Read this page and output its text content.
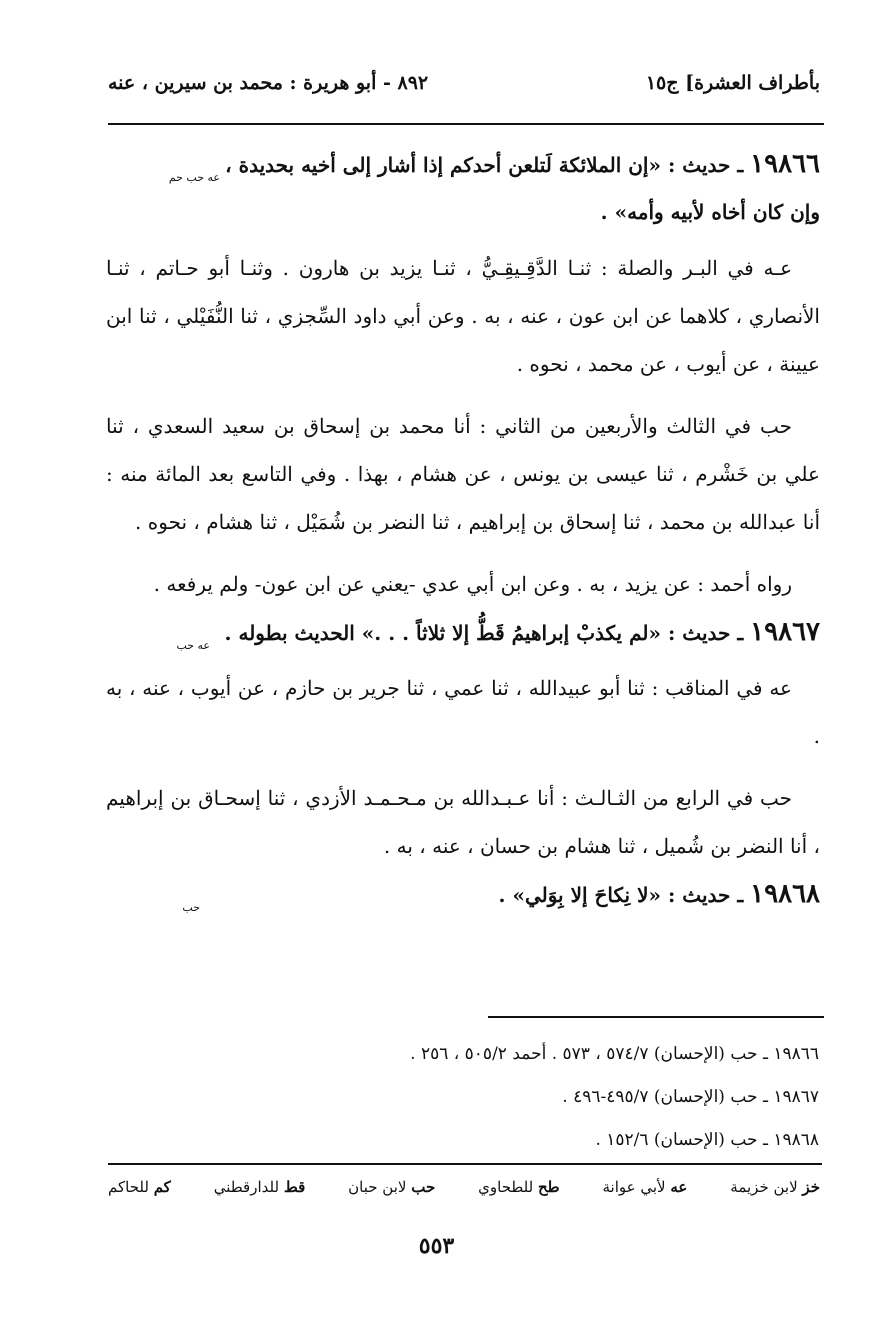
بأطراف العشرة] ج١٥
٨٩٢ - أبو هريرة : محمد بن سيرين ، عنه
١٩٨٦٦ ـ حديث : «إن الملائكة لَتلعن أحدكم إذا أشار إلى أخيه بحديدة ،
عه حب حم
وإن كان أخاه لأبيه وأمه» .

عـه في البـر والصلة : ثنـا الدَّقِـيقِـيُّ ، ثنـا يزيد بن هارون . وثنـا أبو حـاتم ، ثنـا الأنصاري ، كلاهما عن ابن عون ، عنه ، به . وعن أبي داود السِّجزي ، ثنا النُّفَيْلي ، ثنا ابن عيينة ، عن أيوب ، عن محمد ، نحوه .

حب في الثالث والأربعين من الثاني : أنا محمد بن إسحاق بن سعيد السعدي ، ثنا علي بن خَشْرم ، ثنا عيسى بن يونس ، عن هشام ، بهذا . وفي التاسع بعد المائة منه : أنا عبدالله بن محمد ، ثنا إسحاق بن إبراهيم ، ثنا النضر بن شُمَيْل ، ثنا هشام ، نحوه .

رواه أحمد : عن يزيد ، به . وعن ابن أبي عدي -يعني عن ابن عون- ولم يرفعه .

١٩٨٦٧ ـ حديث : «لم يكذبْ إبراهيمُ قَطُّ إلا ثلاثاً . . .» الحديث بطوله .
عه حب

عه في المناقب : ثنا أبو عبيدالله ، ثنا عمي ، ثنا جرير بن حازم ، عن أيوب ، عنه ، به .

حب في الرابع من الثـالـث : أنا عـبـدالله بن مـحـمـد الأزدي ، ثنا إسحـاق بن إبراهيم ، أنا النضر بن شُميل ، ثنا هشام بن حسان ، عنه ، به .

١٩٨٦٨ ـ حديث : «لا نِكاحَ إلا بِوَلي» .
حب
١٩٨٦٦ ـ حب (الإحسان) ٥٧٤/٧ ، ٥٧٣ . أحمد ٥٠٥/٢ ، ٢٥٦ .
١٩٨٦٧ ـ حب (الإحسان) ٤٩٥/٧-٤٩٦ .
١٩٨٦٨ ـ حب (الإحسان) ١٥٢/٦ .
خز لابن خزيمة
عه لأبي عوانة
طح للطحاوي
حب لابن حبان
قط للدارقطني
كم للحاكم
٥٥٣
